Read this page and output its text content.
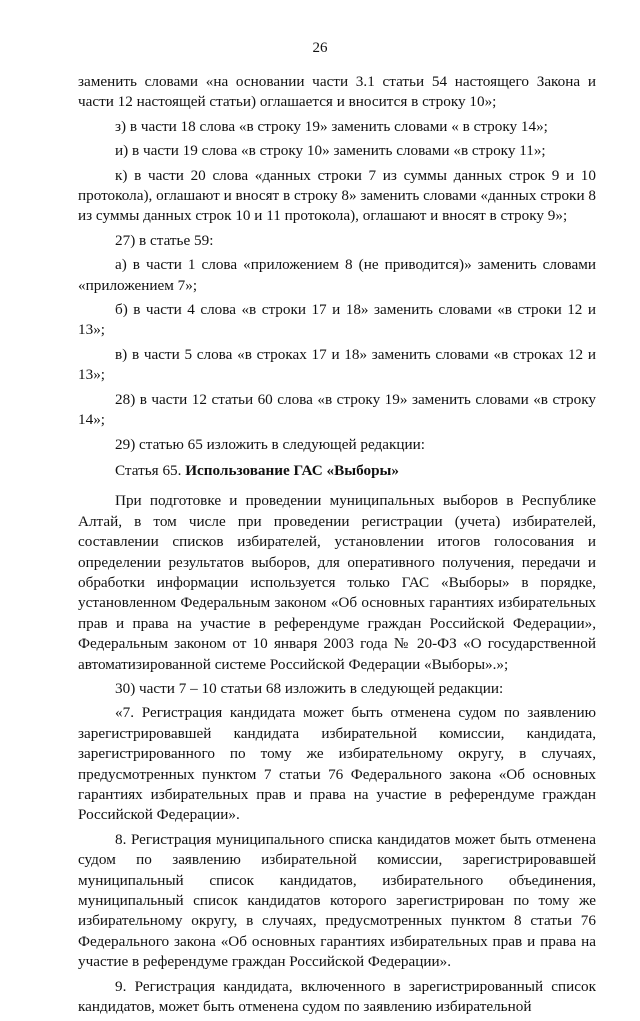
26

заменить словами «на основании части 3.1 статьи 54 настоящего Закона и части 12 настоящей статьи) оглашается и вносится в строку 10»;

з) в части 18 слова «в строку 19» заменить словами « в строку 14»;

и) в части 19 слова «в строку 10» заменить словами «в строку 11»;

к) в части 20 слова «данных строки 7 из суммы данных строк 9 и 10 протокола), оглашают и вносят в строку 8» заменить словами «данных строки 8 из суммы данных строк 10 и 11 протокола), оглашают и вносят в строку 9»;

27) в статье 59:

а) в части 1 слова «приложением 8 (не приводится)» заменить словами «приложением 7»;

б) в части 4 слова «в строки 17 и 18» заменить словами «в строки 12 и 13»;

в) в части 5 слова «в строках 17 и 18» заменить словами «в строках 12 и 13»;

28) в части 12 статьи 60 слова «в строку 19» заменить словами «в строку 14»;

29) статью 65 изложить в следующей редакции:

Статья 65. Использование ГАС «Выборы»

При подготовке и проведении муниципальных выборов в Республике Алтай, в том числе при проведении регистрации (учета) избирателей, составлении списков избирателей, установлении итогов голосования и определении результатов выборов, для оперативного получения, передачи и обработки информации используется только ГАС «Выборы» в порядке, установленном Федеральным законом «Об основных гарантиях избирательных прав и права на участие в референдуме граждан Российской Федерации», Федеральным законом от 10 января 2003 года № 20-ФЗ «О государственной автоматизированной системе Российской Федерации «Выборы».»;

30) части 7 – 10 статьи 68 изложить в следующей редакции:

«7. Регистрация кандидата может быть отменена судом по заявлению зарегистрировавшей кандидата избирательной комиссии, кандидата, зарегистрированного по тому же избирательному округу, в случаях, предусмотренных пунктом 7 статьи 76 Федерального закона «Об основных гарантиях избирательных прав и права на участие в референдуме граждан Российской Федерации».

8. Регистрация муниципального списка кандидатов может быть отменена судом по заявлению избирательной комиссии, зарегистрировавшей муниципальный список кандидатов, избирательного объединения, муниципальный список кандидатов которого зарегистрирован по тому же избирательному округу, в случаях, предусмотренных пунктом 8 статьи 76 Федерального закона «Об основных гарантиях избирательных прав и права на участие в референдуме граждан Российской Федерации».

9. Регистрация кандидата, включенного в зарегистрированный список кандидатов, может быть отменена судом по заявлению избирательной
